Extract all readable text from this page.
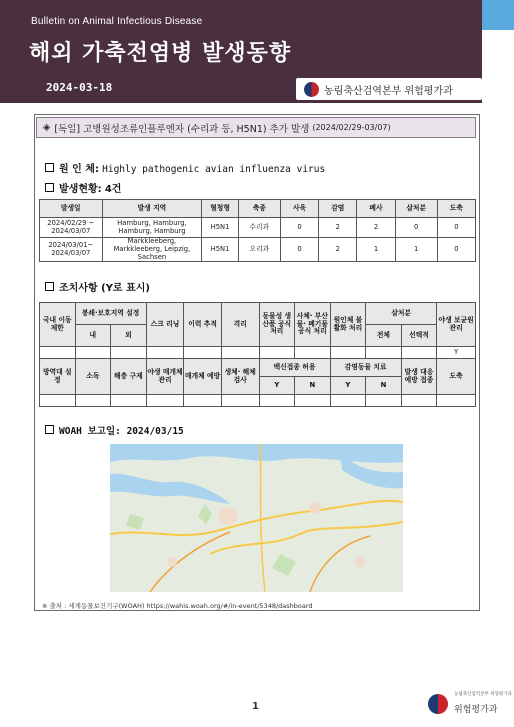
Bulletin on Animal Infectious Disease
해외 가축전염병 발생동향
2024-03-18	농림축산검역본부 위험평가과
◈ [독일] 고병원성조류인플루엔자 (수리과 등, H5N1) 추가 발생 (2024/02/29-03/07)
원 인 체: Highly pathogenic avian influenza virus
발생현황: 4건
발생일	발생 지역	혈청형	축종	사육	감염	폐사	살처분	도축
2024/02/29 ~ 2024/03/07	Hamburg, Hamburg, Hamburg, Hamburg	H5N1	수리과	0	2	2	0	0
2024/03/01~ 2024/03/07	Markkleeberg, Markkleeberg, Leipzig, Sachsen	H5N1	오리과	0	2	1	1	0
조치사항 (Y로 표시)
국내 이동 제한	봉쇄·보호지역 설정		스크 리닝	이력 추적	격리	동물성 생산품 공식 처리	사체· 부산물· 폐기물 공식 처리	원인체 불활화 처리	살처분		야생 보균원 관리
	내	외							전체	선택적	
											Y
방역대 설정	소독	해충 구제	야생 매개체 관리	매개체 예방	생체· 해체 검사	백신접종 허용		감염동물 치료		발생 대응 예방 접종	도축
						Y	N	Y	N		

WOAH 보고일: 2024/03/15
※ 출처 : 세계동물보건기구(WOAH) https://wahis.woah.org/#/in-event/5348/dashboard
1
농림축산검역본부 위험평가과
위험평가과
